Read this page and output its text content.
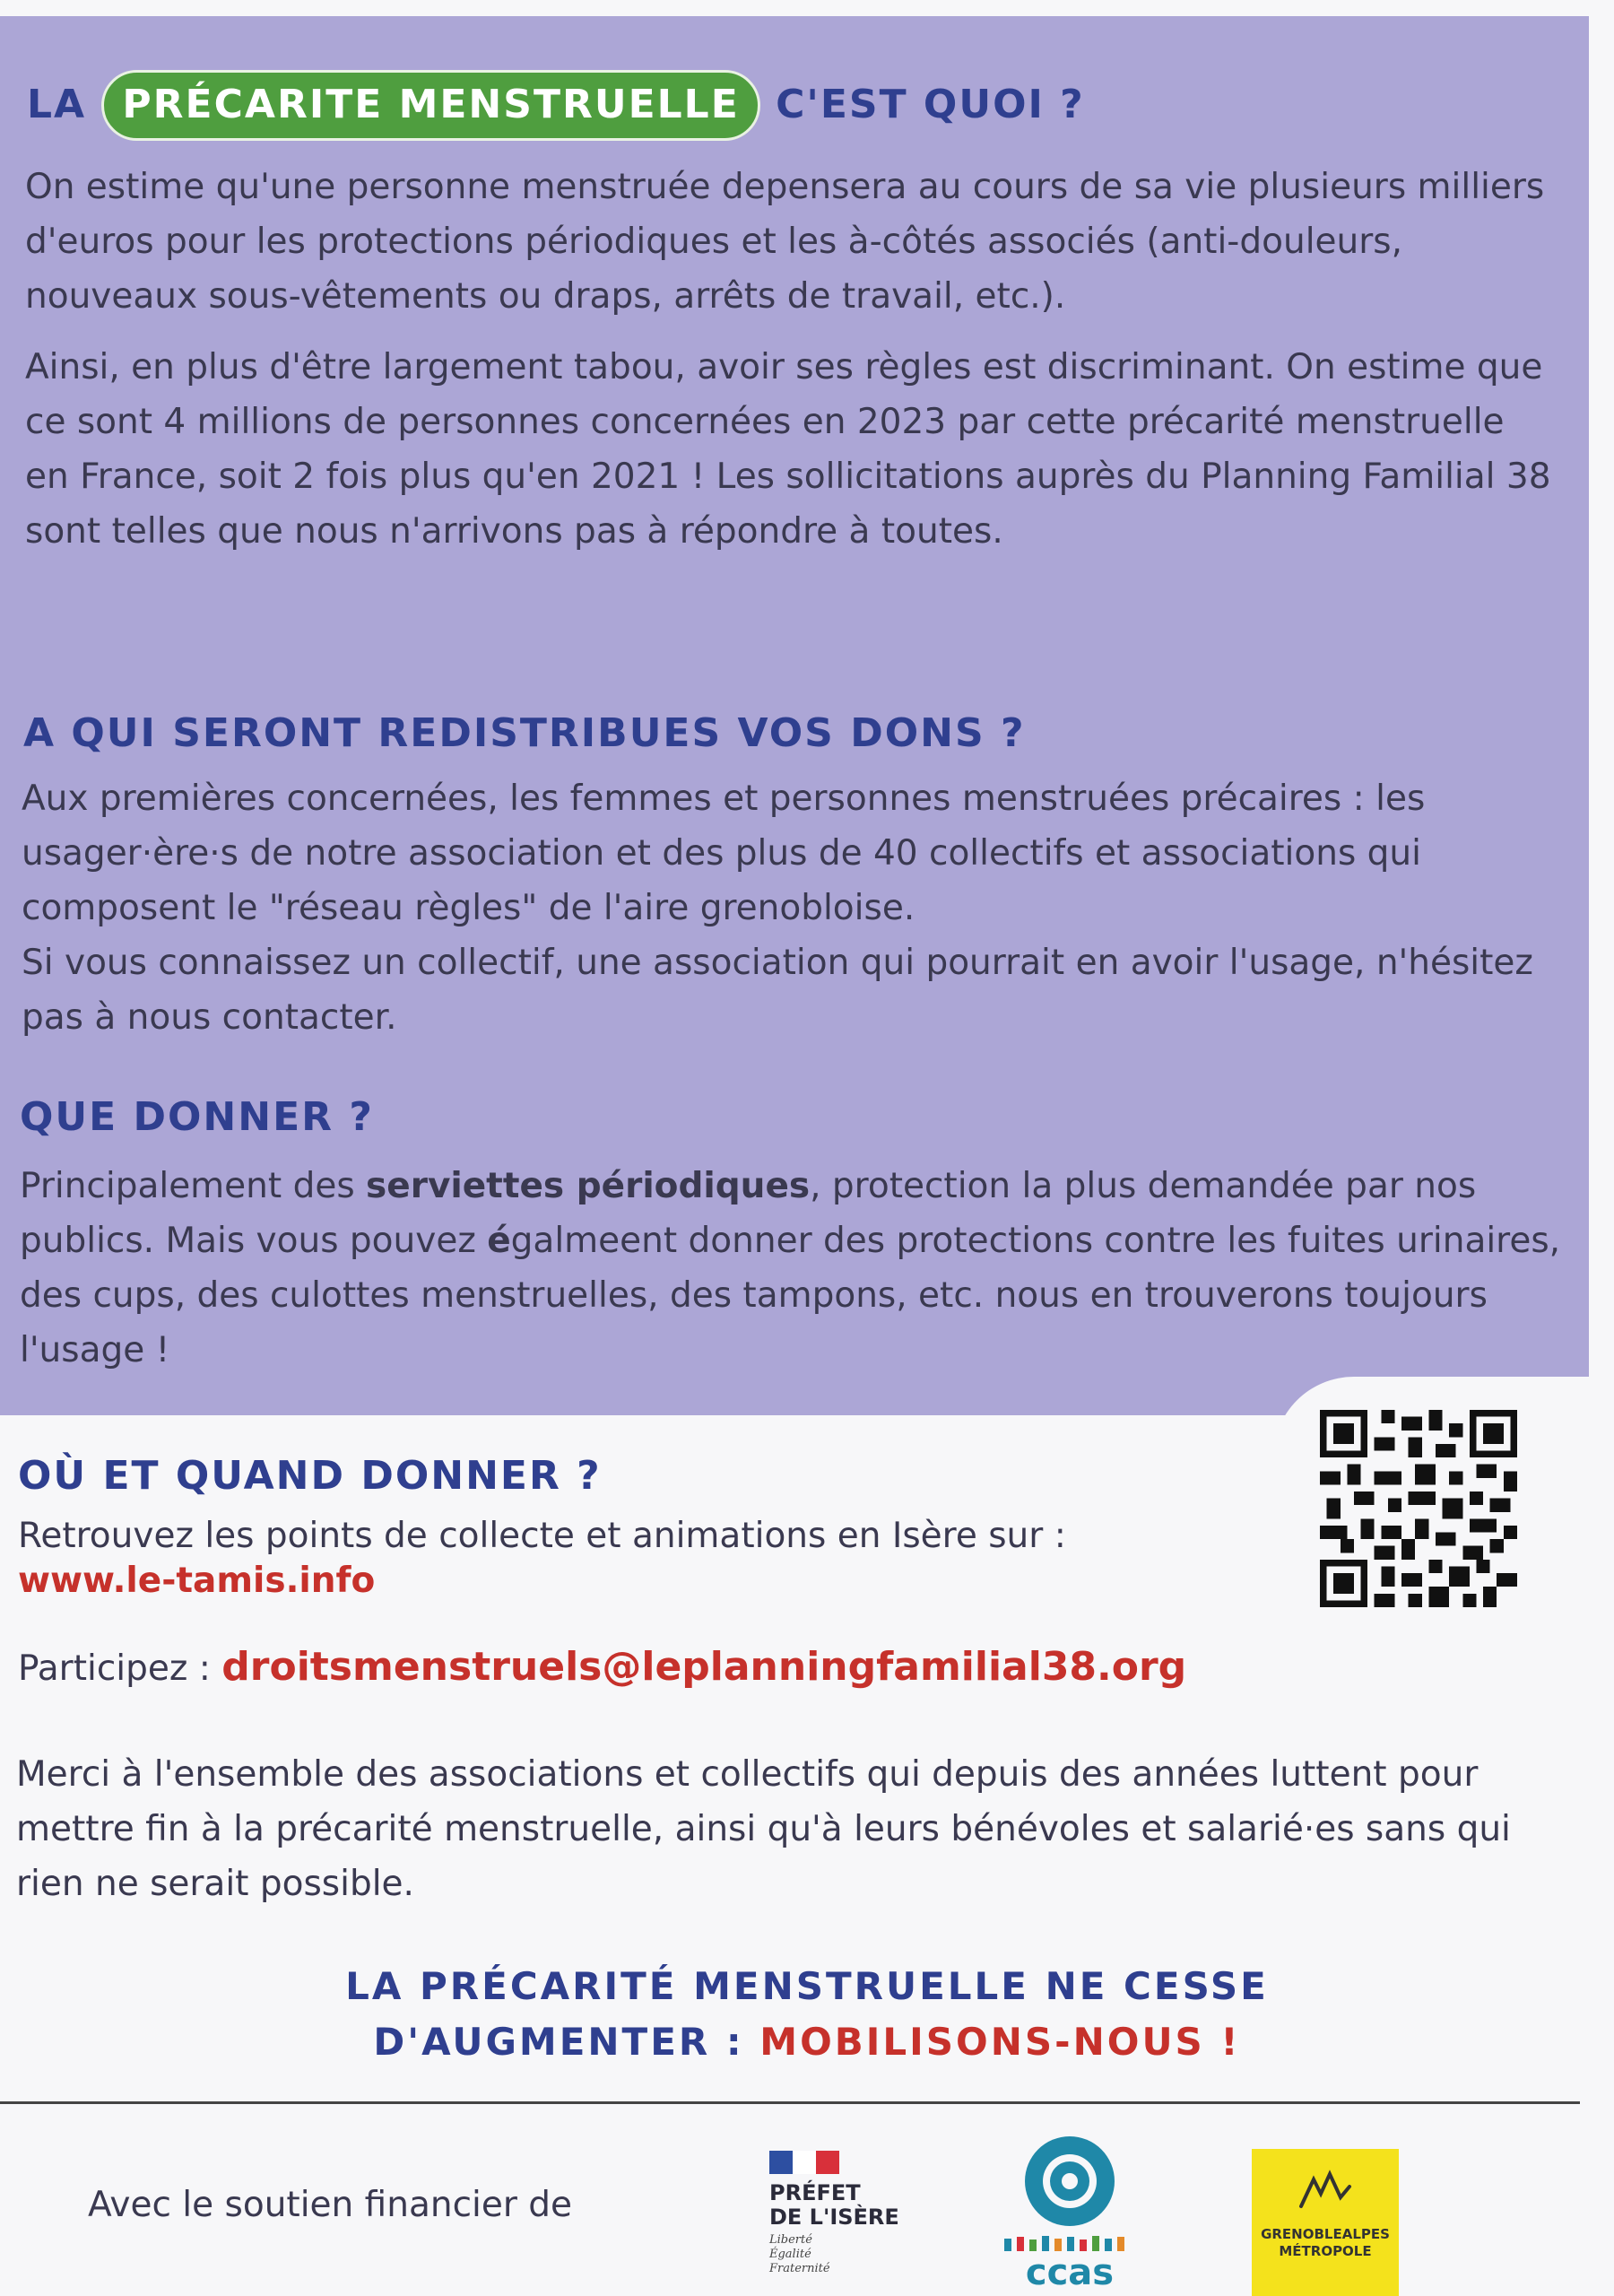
LA PRÉCARITE MENSTRUELLE C'EST QUOI ?

On estime qu'une personne menstruée depensera au cours de sa vie plusieurs milliers d'euros pour les protections périodiques et les à-côtés associés (anti-douleurs, nouveaux sous-vêtements ou draps, arrêts de travail, etc.).

Ainsi, en plus d'être largement tabou, avoir ses règles est discriminant. On estime que ce sont 4 millions de personnes concernées en 2023 par cette précarité menstruelle en France, soit 2 fois plus qu'en 2021 ! Les sollicitations auprès du Planning Familial 38 sont telles que nous n'arrivons pas à répondre à toutes.

A QUI SERONT REDISTRIBUES VOS DONS ?

Aux premières concernées, les femmes et personnes menstruées précaires : les usager·ère·s de notre association et des plus de 40 collectifs et associations qui composent le "réseau règles" de l'aire grenobloise.

Si vous connaissez un collectif, une association qui pourrait en avoir l'usage, n'hésitez pas à nous contacter.

QUE DONNER ?

Principalement des serviettes périodiques, protection la plus demandée par nos publics. Mais vous pouvez égalmeent donner des protections contre les fuites urinaires, des cups, des culottes menstruelles, des tampons, etc. nous en trouverons toujours l'usage !

OÙ ET QUAND DONNER ?

Retrouvez les points de collecte et animations en Isère sur :

www.le-tamis.info

Participez : droitsmenstruels@leplanningfamilial38.org
Merci à l'ensemble des associations et collectifs qui depuis des années luttent pour mettre fin à la précarité menstruelle, ainsi qu'à leurs bénévoles et salarié·es sans qui rien ne serait possible.
LA PRÉCARITÉ MENSTRUELLE NE CESSE
D'AUGMENTER : MOBILISONS-NOUS !
Avec le soutien financier de	PRÉFET
DE L'ISÈRE
Liberté
Égalité
Fraternité
	ccas
GRENOBLEALPES
MÉTROPOLE
